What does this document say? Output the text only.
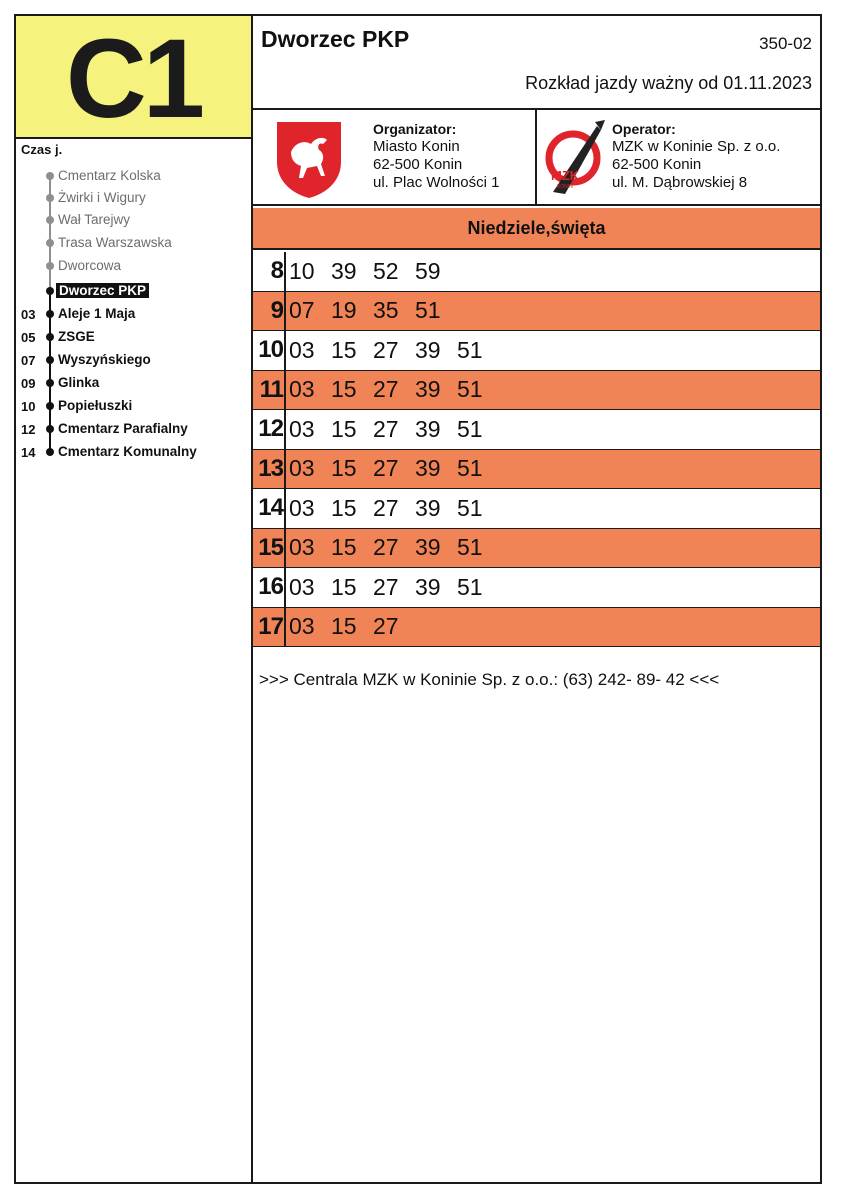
C1
Czas j.
Cmentarz Kolska
Żwirki i Wigury
Wał Tarejwy
Trasa Warszawska
Dworcowa
Dworzec PKP
03	Aleje 1 Maja
05	ZSGE
07	Wyszyńskiego
09	Glinka
10	Popiełuszki
12	Cmentarz Parafialny
14	Cmentarz Komunalny
Dworzec PKP	350-02
Rozkład jazdy ważny od 01.11.2023
Organizator:
Miasto Konin
62-500 Konin
ul. Plac Wolności 1	MZK
KONIN
Operator:
MZK w Koninie Sp. z o.o.
62-500 Konin
ul. M. Dąbrowskiej 8
Niedziele,święta
8 10 39 52 59
9 07 19 35 51
10 03 15 27 39 51
11 03 15 27 39 51
12 03 15 27 39 51
13 03 15 27 39 51
14 03 15 27 39 51
15 03 15 27 39 51
16 03 15 27 39 51
17 03 15 27
>>> Centrala MZK w Koninie Sp. z o.o.: (63) 242- 89- 42 <<<
